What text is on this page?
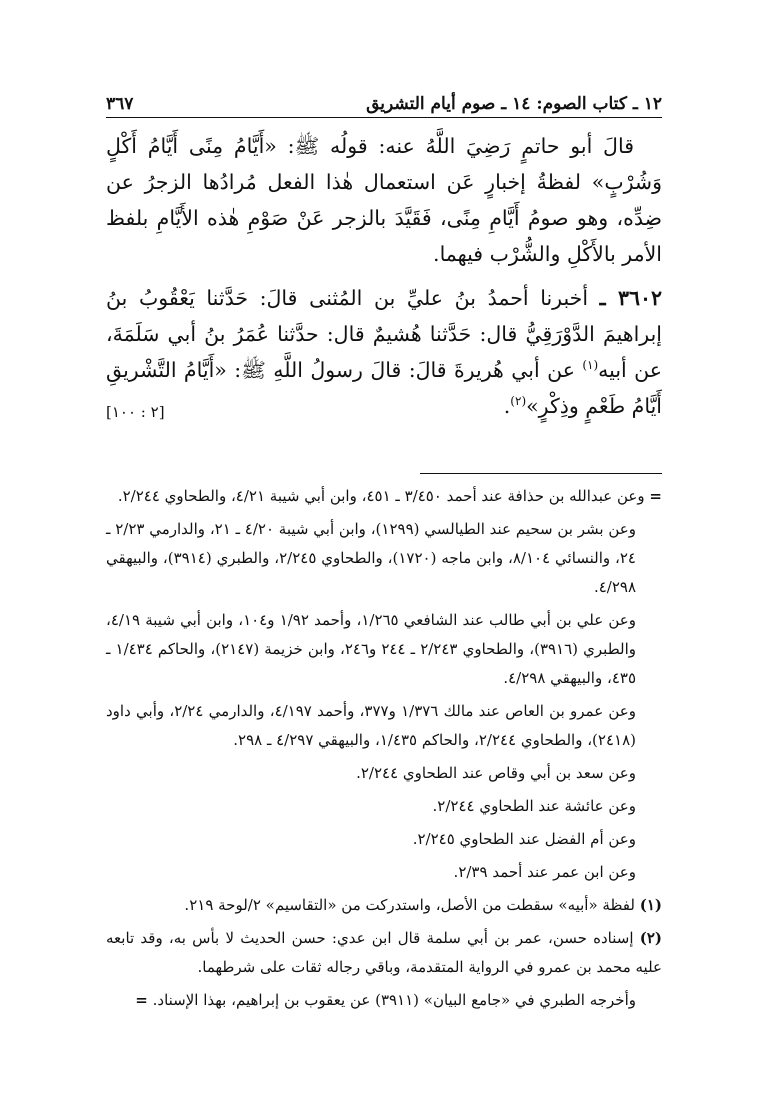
١٢ ـ كتاب الصوم: ١٤ ـ صوم أيام التشريق
٣٦٧

قالَ أبو حاتمٍ رَضِيَ اللَّهُ عنه: قولُه ﷺ: «أَيَّامُ مِنًى أَيَّامُ أَكْلٍ وَشُرْبٍ» لفظةُ إخبارٍ عَن استعمال هٰذا الفعل مُرادُها الزجرُ عن ضِدِّه، وهو صومُ أَيَّامِ مِنًى، فَقَيَّدَ بالزجر عَنْ صَوْمِ هٰذه الأَيَّامِ بلفظ الأمر بالأَكْلِ والشُّرْب فيهما.

٣٦٠٢ ـ أخبرنا أحمدُ بنُ عليِّ بن المُثنى قالَ: حَدَّثنا يَعْقُوبُ بنُ إبراهيمَ الدَّوْرَقِيُّ قال: حَدَّثنا هُشيمٌ قال: حدَّثنا عُمَرُ بنُ أبي سَلَمَةَ، عن أبيه$^{(١)}$ عن أبي هُريرةَ قالَ: قالَ رسولُ اللَّهِ ﷺ: «أَيَّامُ التَّشْريقِ أَيَّامُ طَعْمٍ وذِكْرٍ»$^{(٢)}$.
[٢ : ١٠٠]

= وعن عبدالله بن حذافة عند أحمد ٣/٤٥٠ ـ ٤٥١، وابن أبي شيبة ٤/٢١، والطحاوي ٢/٢٤٤.

وعن بشر بن سحيم عند الطيالسي (١٢٩٩)، وابن أبي شيبة ٤/٢٠ ـ ٢١، والدارمي ٢/٢٣ ـ ٢٤، والنسائي ٨/١٠٤، وابن ماجه (١٧٢٠)، والطحاوي ٢/٢٤٥، والطبري (٣٩١٤)، والبيهقي ٤/٢٩٨.

وعن علي بن أبي طالب عند الشافعي ١/٢٦٥، وأحمد ١/٩٢ و١٠٤، وابن أبي شيبة ٤/١٩، والطبري (٣٩١٦)، والطحاوي ٢/٢٤٣ ـ ٢٤٤ و٢٤٦، وابن خزيمة (٢١٤٧)، والحاكم ١/٤٣٤ ـ ٤٣٥، والبيهقي ٤/٢٩٨.

وعن عمرو بن العاص عند مالك ١/٣٧٦ و٣٧٧، وأحمد ٤/١٩٧، والدارمي ٢/٢٤، وأبي داود (٢٤١٨)، والطحاوي ٢/٢٤٤، والحاكم ١/٤٣٥، والبيهقي ٤/٢٩٧ ـ ٢٩٨.

وعن سعد بن أبي وقاص عند الطحاوي ٢/٢٤٤.

وعن عائشة عند الطحاوي ٢/٢٤٤.

وعن أم الفضل عند الطحاوي ٢/٢٤٥.

وعن ابن عمر عند أحمد ٢/٣٩.

(١) لفظة «أبيه» سقطت من الأصل، واستدركت من «التقاسيم» ٢/لوحة ٢١٩.

(٢) إسناده حسن، عمر بن أبي سلمة قال ابن عدي: حسن الحديث لا بأس به، وقد تابعه عليه محمد بن عمرو في الرواية المتقدمة، وباقي رجاله ثقات على شرطهما.

وأخرجه الطبري في «جامع البيان» (٣٩١١) عن يعقوب بن إبراهيم، بهذا الإسناد. =
